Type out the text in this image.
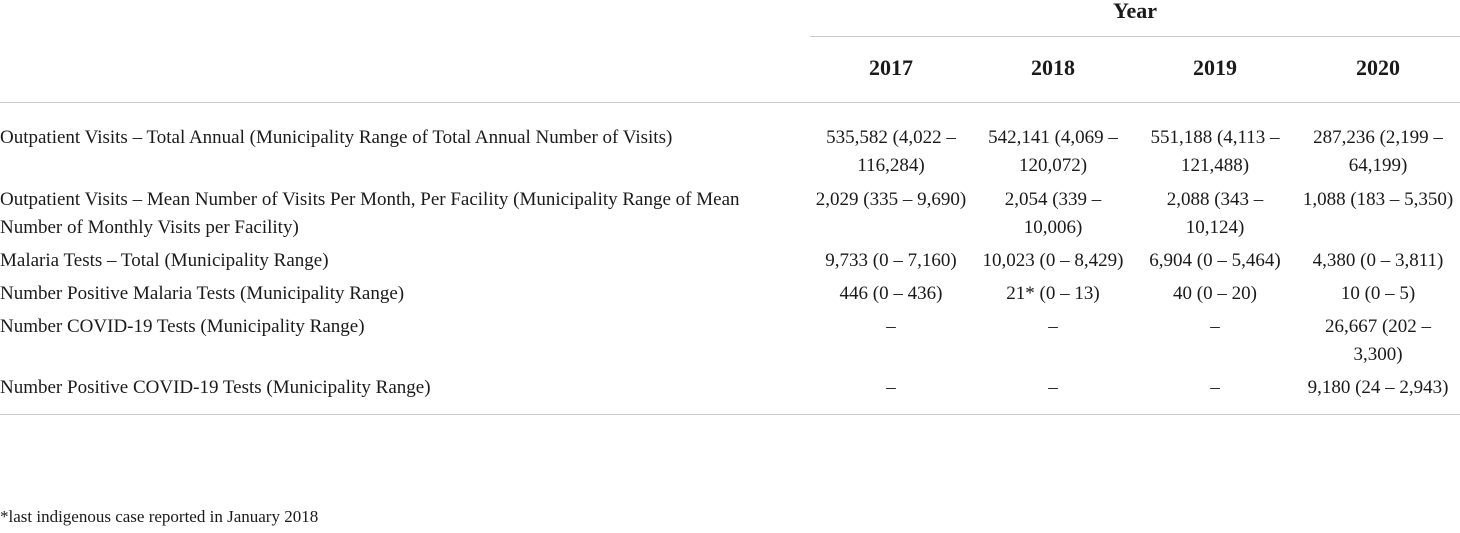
	Year			
	2017	2018	2019	2020
Outpatient Visits – Total Annual (Municipality Range of Total Annual Number of Visits)	535,582 (4,022 – 116,284)	542,141 (4,069 – 120,072)	551,188 (4,113 – 121,488)	287,236 (2,199 – 64,199)
Outpatient Visits – Mean Number of Visits Per Month, Per Facility (Municipality Range of Mean Number of Monthly Visits per Facility)	2,029 (335 – 9,690)	2,054 (339 – 10,006)	2,088 (343 – 10,124)	1,088 (183 – 5,350)
Malaria Tests – Total (Municipality Range)	9,733 (0 – 7,160)	10,023 (0 – 8,429)	6,904 (0 – 5,464)	4,380 (0 – 3,811)
Number Positive Malaria Tests (Municipality Range)	446 (0 – 436)	21* (0 – 13)	40 (0 – 20)	10 (0 – 5)
Number COVID-19 Tests (Municipality Range)	–	–	–	26,667 (202 – 3,300)
Number Positive COVID-19 Tests (Municipality Range)	–	–	–	9,180 (24 – 2,943)
*last indigenous case reported in January 2018
